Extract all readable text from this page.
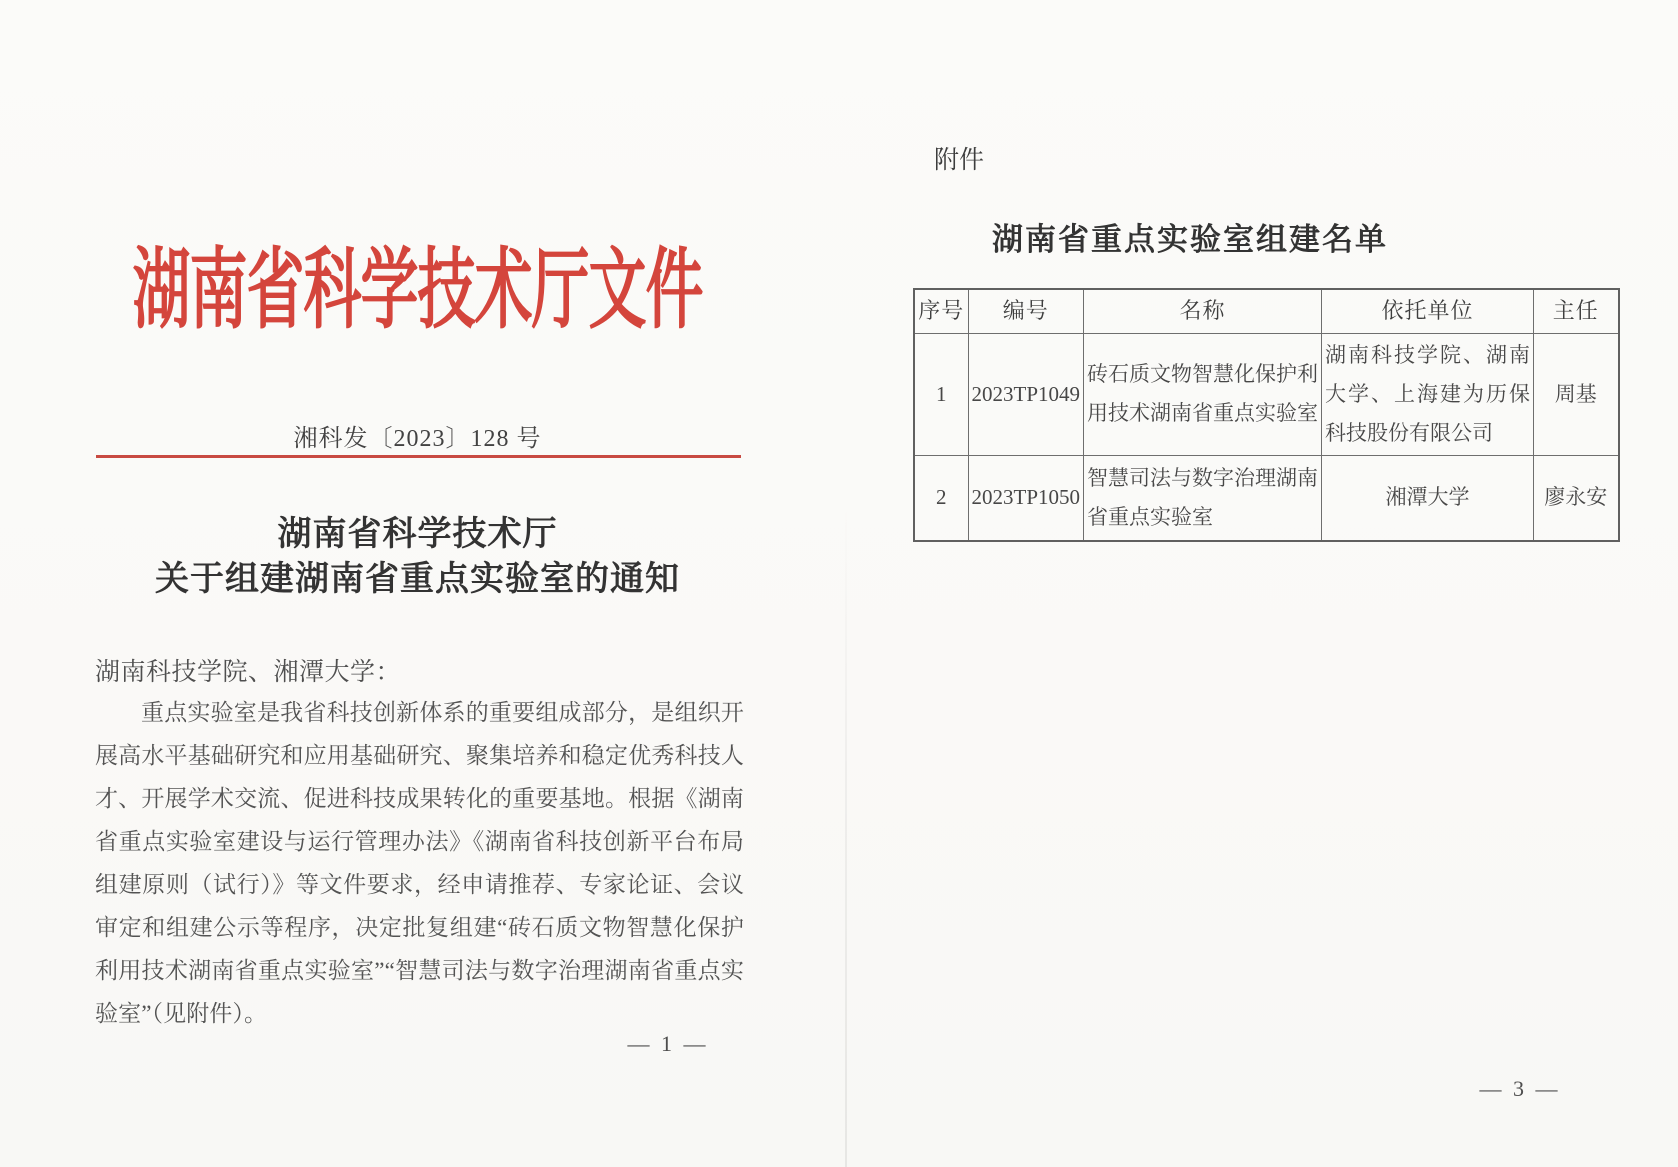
湖南省科学技术厅文件
湘科发〔2023〕128 号
湖南省科学技术厅
关于组建湖南省重点实验室的通知
湖南科技学院、湘潭大学：
重点实验室是我省科技创新体系的重要组成部分，是组织开展高水平基础研究和应用基础研究、聚集培养和稳定优秀科技人才、开展学术交流、促进科技成果转化的重要基地。根据《湖南省重点实验室建设与运行管理办法》《湖南省科技创新平台布局组建原则（试行）》等文件要求，经申请推荐、专家论证、会议审定和组建公示等程序，决定批复组建“砖石质文物智慧化保护利用技术湖南省重点实验室”“智慧司法与数字治理湖南省重点实验室”（见附件）。
— 1 —
附件
湖南省重点实验室组建名单
序号	编号	名称	依托单位	主任
1	2023TP1049	砖石质文物智慧化保护利用技术湖南省重点实验室	湖南科技学院、湖南大学、上海建为历保科技股份有限公司	周基
2	2023TP1050	智慧司法与数字治理湖南省重点实验室	湘潭大学	廖永安
— 3 —
